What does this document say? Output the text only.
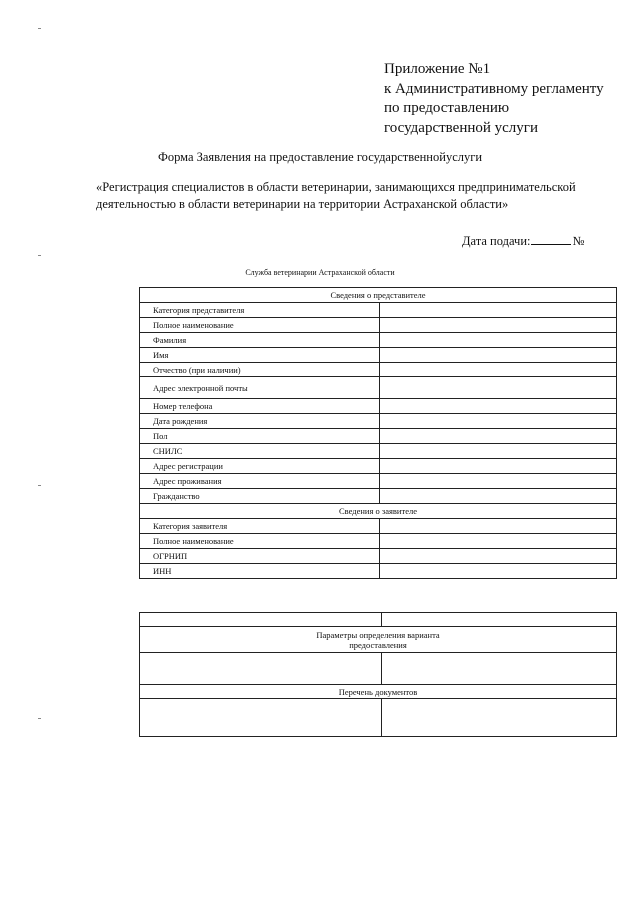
Приложение №1
к Административному регламенту
по предоставлению
государственной услуги
Форма Заявления на предоставление государственнойуслуги
«Регистрация специалистов в области ветеринарии, занимающихся предпринимательской
деятельностью в области ветеринарии на территории Астраханской области»
Дата подачи:	№
Служба ветеринарии Астраханской области
Сведения о представителе	
Категория представителя	
Полное наименование	
Фамилия	
Имя	
Отчество (при наличии)	
Адрес электронной почты	
Номер телефона	
Дата рождения	
Пол	
СНИЛС	
Адрес регистрации	
Адрес проживания	
Гражданство	
Сведения о заявителе	
Категория заявителя	
Полное наименование	
ОГРНИП	
ИНН	

Параметры определения варианта
предоставления	

Перечень документов	
